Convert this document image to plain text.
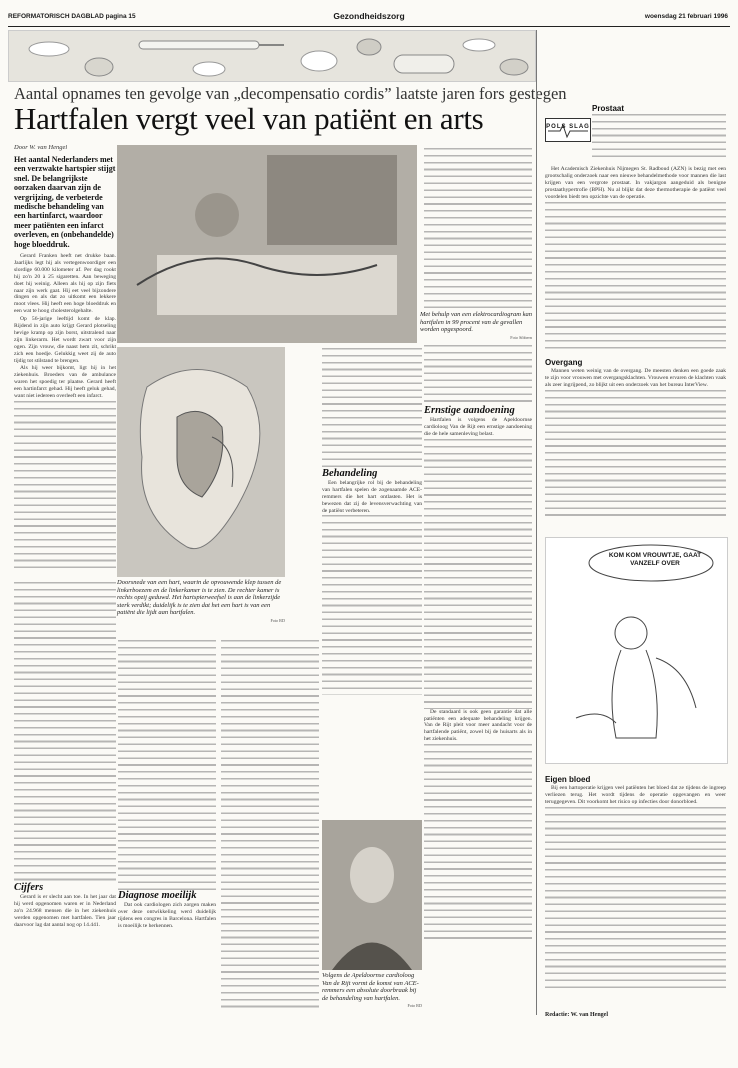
REFORMATORISCH DAGBLAD pagina 15	Gezondheidszorg	woensdag 21 februari 1996
Aantal opnames ten gevolge van „decompensatio cordis” laatste jaren fors gestegen
Hartfalen vergt veel van patiënt en arts
Door W. van Hengel
Het aantal Nederlanders met een verzwakte hartspier stijgt snel. De belangrijkste oorzaken daarvan zijn de vergrijzing, de verbeterde medische behandeling van een hartinfarct, waardoor meer patiënten een infarct overleven, en (onbehandelde) hoge bloeddruk.

Gerard Franken heeft net drukke baan. Jaarlijks legt hij als vertegenwoordiger een slordige 60.000 kilometer af. Per dag rookt hij zo'n 20 à 25 sigaretten. Aan beweging doet hij weinig. Alleen als hij op zijn fiets naar zijn werk gaat. Hij eet veel bijzondere dingen en als dat zo uitkomt een lekkere moot vlees. Hij heeft een hoge bloeddruk en een wat te hoog cholesterolgehalte.

Op 56-jarige leeftijd komt de klap. Rijdend in zijn auto krijgt Gerard plotseling hevige kramp op zijn borst, uitstralend naar zijn linkerarm. Het wordt zwart voor zijn ogen. Zijn vrouw, die naast hem zit, schrikt zich een hoedje. Gelukkig weet zij de auto tijdig tot stilstand te brengen.

Als hij weer bijkomt, ligt hij in het ziekenhuis. Broeders van de ambulance waren het spoedig ter plaatse. Gerard heeft een hartinfarct gehad. Hij heeft geluk gehad, want niet iedereen overleeft een infarct.

Doorsnede van een hart, waarin de opvouwende klep tussen de linkerboezem en de linkerkamer is te zien. De rechter kamer is rechts opzij geduwd. Het hartspierweefsel is aan de linkerzijde sterk verdikt; duidelijk is te zien dat het een hart is van een patiënt die lijdt aan hartfalen.
Foto RD
Met behulp van een elektrocardiogram kan hartfalen in 99 procent van de gevallen worden opgespoord.
Foto Sibbern
Cijfers

Gerard is er slecht aan toe. In het jaar dat hij werd opgenomen waren er in Nederland zo'n 24.968 mensen die in het ziekenhuis werden opgenomen met hartfalen. Tien jaar daarvoor lag dat aantal nog op 14.441.

Diagnose moeilijk

Dat ook cardiologen zich zorgen maken over deze ontwikkeling werd duidelijk tijdens een congres in Barcelona. Hartfalen is moeilijk te herkennen.

Behandeling

Een belangrijke rol bij de behandeling van hartfalen spelen de zogenaamde ACE-remmers die het hart ontlasten. Het is bewezen dat zij de levensverwachting van de patiënt verbeteren.

Volgens de Apeldoornse cardioloog Van de Rijt vormt de komst van ACE-remmers een absolute doorbraak bij de behandeling van hartfalen.
Foto RD
Ernstige aandoening

Hartfalen is volgens de Apeldoornse cardioloog Van de Rijt een ernstige aandoening die de hele samenleving belast.

De standaard is ook geen garantie dat alle patiënten een adequate behandeling krijgen. Van de Rijt pleit voor meer aandacht voor de hartfalende patiënt, zowel bij de huisarts als in het ziekenhuis.

POLS SLAG
Prostaat

Het Academisch Ziekenhuis Nijmegen St. Radboud (AZN) is bezig met een grootschalig onderzoek naar een nieuwe behandelmethode voor mannen die last krijgen van een vergrote prostaat. In vakjargon aangeduid als benigne prostaathypertrofie (BPH). Nu al blijkt dat deze thermotherapie de patiënt veel voordelen biedt ten opzichte van de operatie.

Overgang

Mannen weten weinig van de overgang. De meesten denken een goede zaak te zijn voor vrouwen met overgangsklachten. Vrouwen ervaren de klachten vaak als zeer ingrijpend, zo blijkt uit een onderzoek van het bureau InterView.

KOM KOM VROUWTJE, GAAT VANZELF OVER
Eigen bloed

Bij een hartoperatie krijgen veel patiënten het bloed dat ze tijdens de ingreep verliezen terug. Het wordt tijdens de operatie opgevangen en weer teruggegeven. Dit voorkomt het risico op infecties door donorbloed.

Redactie: W. van Hengel
